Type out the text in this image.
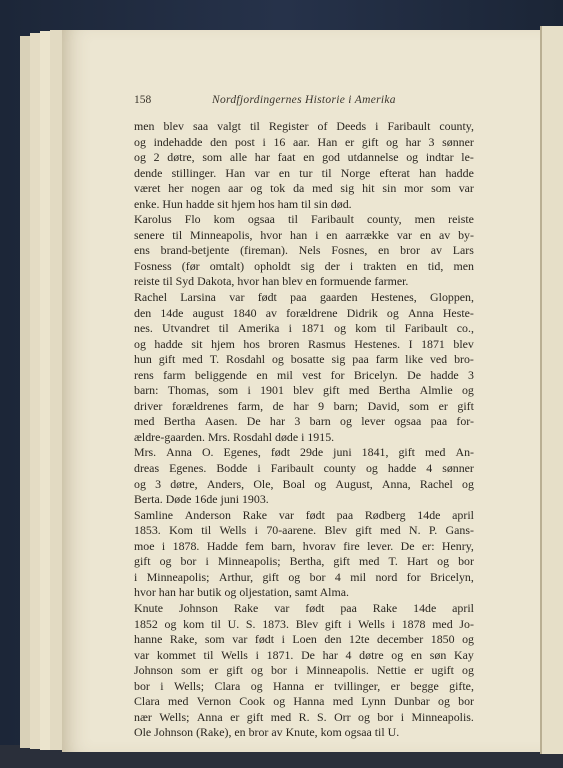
158	Nordfjordingernes Historie i Amerika
men blev saa valgt til Register of Deeds i Faribault county,
og indehadde den post i 16 aar. Han er gift og har 3 sønner
og 2 døtre, som alle har faat en god utdannelse og indtar le-
dende stillinger. Han var en tur til Norge efterat han hadde
været her nogen aar og tok da med sig hit sin mor som var
enke. Hun hadde sit hjem hos ham til sin død.
Karolus Flo kom ogsaa til Faribault county, men reiste
senere til Minneapolis, hvor han i en aarrække var en av by-
ens brand-betjente (fireman). Nels Fosnes, en bror av Lars
Fosness (før omtalt) opholdt sig der i trakten en tid, men
reiste til Syd Dakota, hvor han blev en formuende farmer.
Rachel Larsina var født paa gaarden Hestenes, Gloppen,
den 14de august 1840 av forældrene Didrik og Anna Heste-
nes. Utvandret til Amerika i 1871 og kom til Faribault co.,
og hadde sit hjem hos broren Rasmus Hestenes. I 1871 blev
hun gift med T. Rosdahl og bosatte sig paa farm like ved bro-
rens farm beliggende en mil vest for Bricelyn. De hadde 3
barn: Thomas, som i 1901 blev gift med Bertha Almlie og
driver forældrenes farm, de har 9 barn; David, som er gift
med Bertha Aasen. De har 3 barn og lever ogsaa paa for-
ældre-gaarden. Mrs. Rosdahl døde i 1915.
Mrs. Anna O. Egenes, født 29de juni 1841, gift med An-
dreas Egenes. Bodde i Faribault county og hadde 4 sønner
og 3 døtre, Anders, Ole, Boal og August, Anna, Rachel og
Berta. Døde 16de juni 1903.
Samline Anderson Rake var født paa Rødberg 14de april
1853. Kom til Wells i 70-aarene. Blev gift med N. P. Gans-
moe i 1878. Hadde fem barn, hvorav fire lever. De er: Henry,
gift og bor i Minneapolis; Bertha, gift med T. Hart og bor
i Minneapolis; Arthur, gift og bor 4 mil nord for Bricelyn,
hvor han har butik og oljestation, samt Alma.
Knute Johnson Rake var født paa Rake 14de april
1852 og kom til U. S. 1873. Blev gift i Wells i 1878 med Jo-
hanne Rake, som var født i Loen den 12te december 1850 og
var kommet til Wells i 1871. De har 4 døtre og en søn Kay
Johnson som er gift og bor i Minneapolis. Nettie er ugift og
bor i Wells; Clara og Hanna er tvillinger, er begge gifte,
Clara med Vernon Cook og Hanna med Lynn Dunbar og bor
nær Wells; Anna er gift med R. S. Orr og bor i Minneapolis.
Ole Johnson (Rake), en bror av Knute, kom ogsaa til U.
